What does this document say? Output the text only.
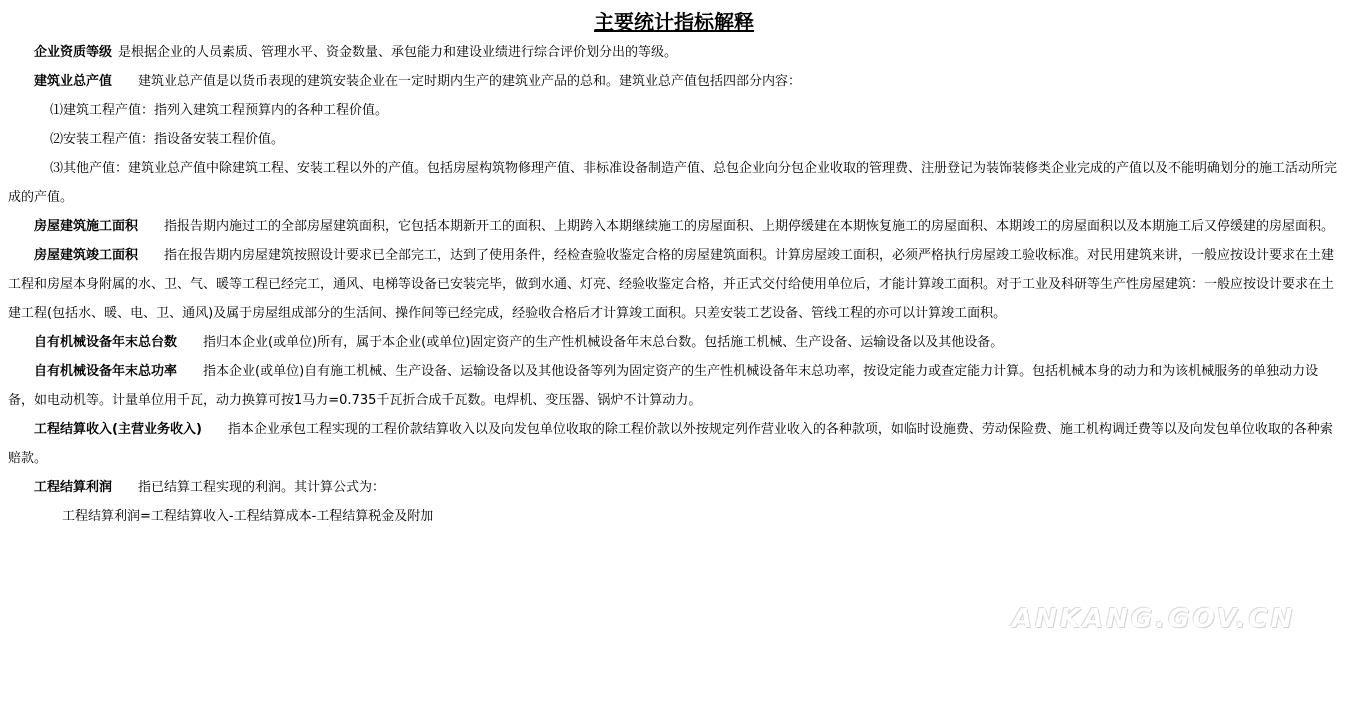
主要统计指标解释

企业资质等级 是根据企业的人员素质、管理水平、资金数量、承包能力和建设业绩进行综合评价划分出的等级。

建筑业总产值 建筑业总产值是以货币表现的建筑安装企业在一定时期内生产的建筑业产品的总和。建筑业总产值包括四部分内容：

⑴建筑工程产值：指列入建筑工程预算内的各种工程价值。

⑵安装工程产值：指设备安装工程价值。

⑶其他产值：建筑业总产值中除建筑工程、安装工程以外的产值。包括房屋构筑物修理产值、非标准设备制造产值、总包企业向分包企业收取的管理费、注册登记为装饰装修类企业完成的产值以及不能明确划分的施工活动所完成的产值。

房屋建筑施工面积 指报告期内施过工的全部房屋建筑面积，它包括本期新开工的面积、上期跨入本期继续施工的房屋面积、上期停缓建在本期恢复施工的房屋面积、本期竣工的房屋面积以及本期施工后又停缓建的房屋面积。

房屋建筑竣工面积 指在报告期内房屋建筑按照设计要求已全部完工，达到了使用条件，经检查验收鉴定合格的房屋建筑面积。计算房屋竣工面积，必须严格执行房屋竣工验收标准。对民用建筑来讲，一般应按设计要求在土建工程和房屋本身附属的水、卫、气、暖等工程已经完工，通风、电梯等设备已安装完毕，做到水通、灯亮、经验收鉴定合格，并正式交付给使用单位后，才能计算竣工面积。对于工业及科研等生产性房屋建筑：一般应按设计要求在土建工程(包括水、暖、电、卫、通风)及属于房屋组成部分的生活间、操作间等已经完成，经验收合格后才计算竣工面积。只差安装工艺设备、管线工程的亦可以计算竣工面积。

自有机械设备年末总台数 指归本企业(或单位)所有，属于本企业(或单位)固定资产的生产性机械设备年末总台数。包括施工机械、生产设备、运输设备以及其他设备。

自有机械设备年末总功率 指本企业(或单位)自有施工机械、生产设备、运输设备以及其他设备等列为固定资产的生产性机械设备年末总功率，按设定能力或查定能力计算。包括机械本身的动力和为该机械服务的单独动力设备，如电动机等。计量单位用千瓦，动力换算可按1马力=0.735千瓦折合成千瓦数。电焊机、变压器、锅炉不计算动力。

工程结算收入(主营业务收入) 指本企业承包工程实现的工程价款结算收入以及向发包单位收取的除工程价款以外按规定列作营业收入的各种款项，如临时设施费、劳动保险费、施工机构调迁费等以及向发包单位收取的各种索赔款。

工程结算利润 指已结算工程实现的利润。其计算公式为：

工程结算利润=工程结算收入-工程结算成本-工程结算税金及附加

ANKANG.GOV.CN
